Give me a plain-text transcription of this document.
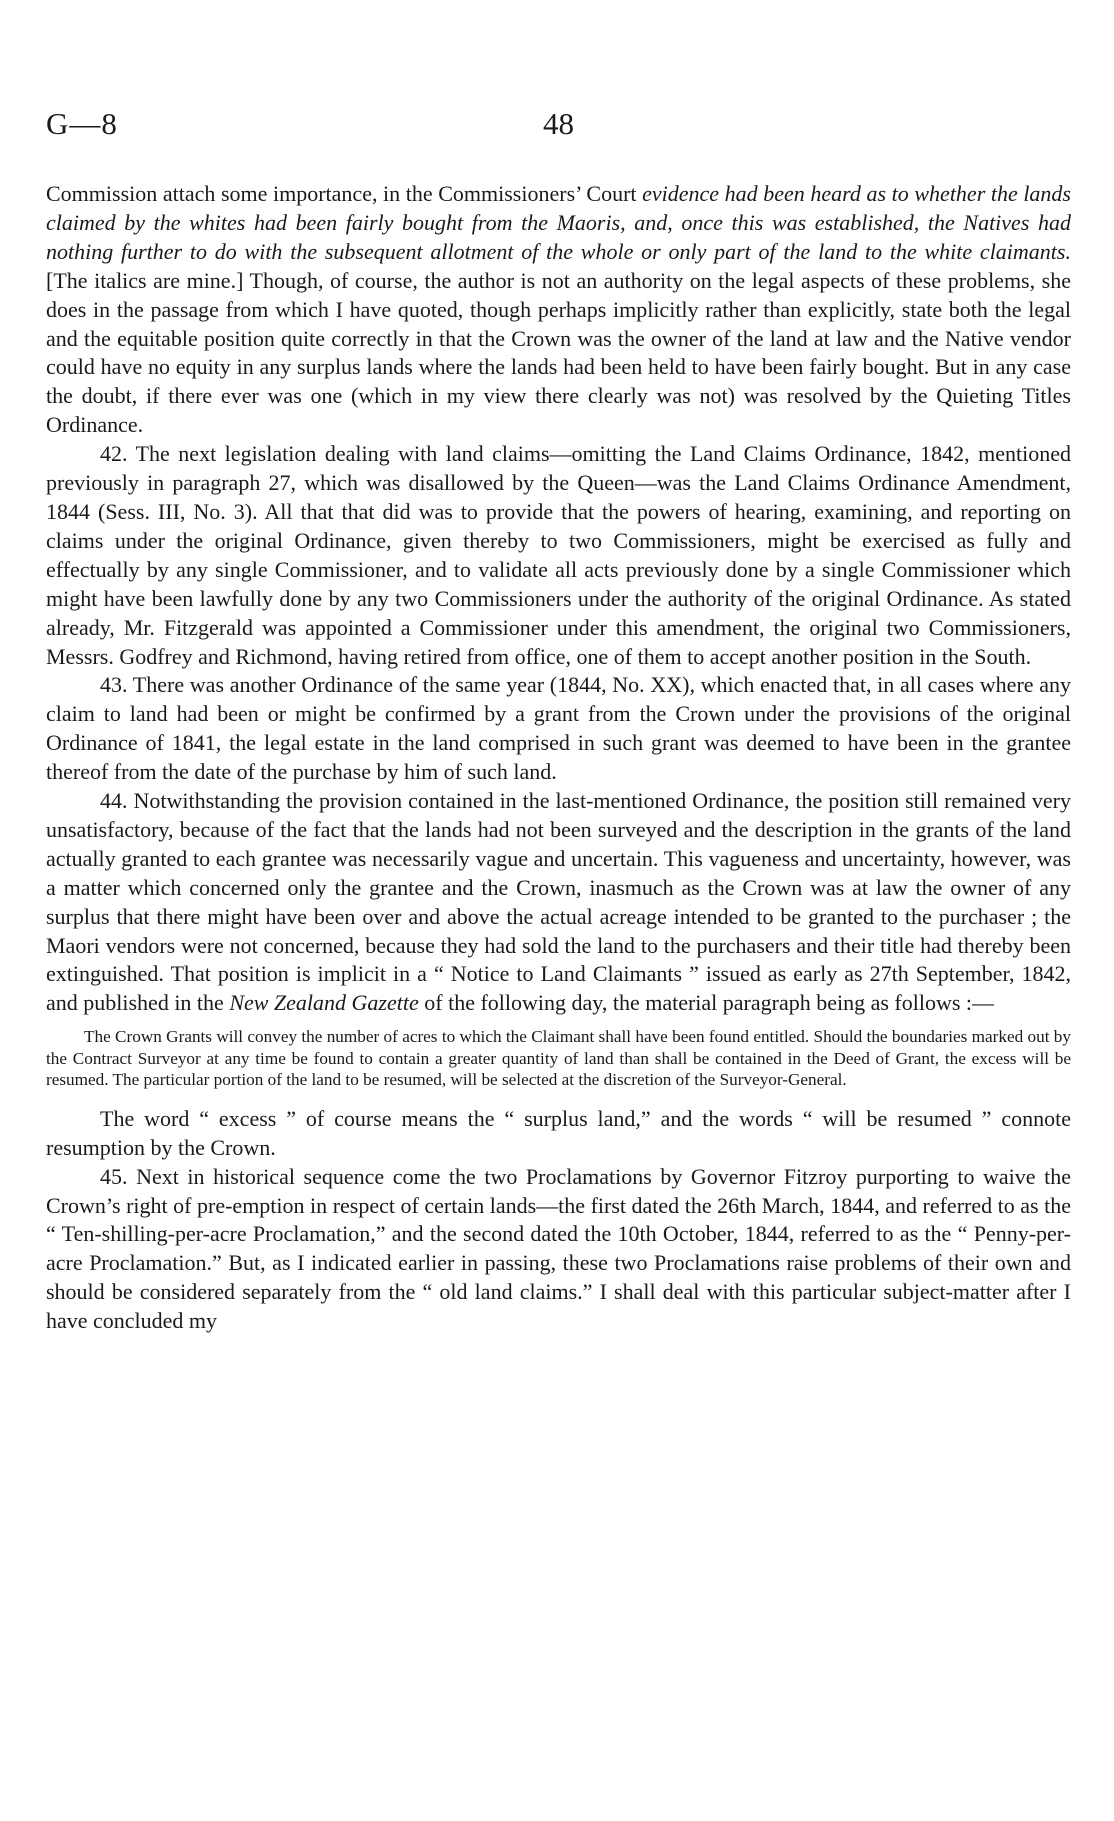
G—8	48

Commission attach some importance, in the Commissioners’ Court evidence had been heard as to whether the lands claimed by the whites had been fairly bought from the Maoris, and, once this was established, the Natives had nothing further to do with the subsequent allotment of the whole or only part of the land to the white claimants. [The italics are mine.] Though, of course, the author is not an authority on the legal aspects of these problems, she does in the passage from which I have quoted, though perhaps implicitly rather than explicitly, state both the legal and the equitable position quite correctly in that the Crown was the owner of the land at law and the Native vendor could have no equity in any surplus lands where the lands had been held to have been fairly bought. But in any case the doubt, if there ever was one (which in my view there clearly was not) was resolved by the Quieting Titles Ordinance.

42. The next legislation dealing with land claims—omitting the Land Claims Ordinance, 1842, mentioned previously in paragraph 27, which was disallowed by the Queen—was the Land Claims Ordinance Amendment, 1844 (Sess. III, No. 3). All that that did was to provide that the powers of hearing, examining, and reporting on claims under the original Ordinance, given thereby to two Commissioners, might be exercised as fully and effectually by any single Commissioner, and to validate all acts previously done by a single Commissioner which might have been lawfully done by any two Commissioners under the authority of the original Ordinance. As stated already, Mr. Fitzgerald was appointed a Commissioner under this amendment, the original two Commissioners, Messrs. Godfrey and Richmond, having retired from office, one of them to accept another position in the South.

43. There was another Ordinance of the same year (1844, No. XX), which enacted that, in all cases where any claim to land had been or might be confirmed by a grant from the Crown under the provisions of the original Ordinance of 1841, the legal estate in the land comprised in such grant was deemed to have been in the grantee thereof from the date of the purchase by him of such land.

44. Notwithstanding the provision contained in the last-mentioned Ordinance, the position still remained very unsatisfactory, because of the fact that the lands had not been surveyed and the description in the grants of the land actually granted to each grantee was necessarily vague and uncertain. This vagueness and uncertainty, however, was a matter which concerned only the grantee and the Crown, inasmuch as the Crown was at law the owner of any surplus that there might have been over and above the actual acreage intended to be granted to the purchaser ; the Maori vendors were not concerned, because they had sold the land to the purchasers and their title had thereby been extinguished. That position is implicit in a “ Notice to Land Claimants ” issued as early as 27th September, 1842, and published in the New Zealand Gazette of the following day, the material paragraph being as follows :—

The Crown Grants will convey the number of acres to which the Claimant shall have been found entitled. Should the boundaries marked out by the Contract Surveyor at any time be found to contain a greater quantity of land than shall be contained in the Deed of Grant, the excess will be resumed. The particular portion of the land to be resumed, will be selected at the discretion of the Surveyor-General.

The word “ excess ” of course means the “ surplus land,” and the words “ will be resumed ” connote resumption by the Crown.

45. Next in historical sequence come the two Proclamations by Governor Fitzroy purporting to waive the Crown’s right of pre-emption in respect of certain lands—the first dated the 26th March, 1844, and referred to as the “ Ten-shilling-per-acre Proclamation,” and the second dated the 10th October, 1844, referred to as the “ Penny-per-acre Proclamation.” But, as I indicated earlier in passing, these two Proclamations raise problems of their own and should be considered separately from the “ old land claims.” I shall deal with this particular subject-matter after I have concluded my
